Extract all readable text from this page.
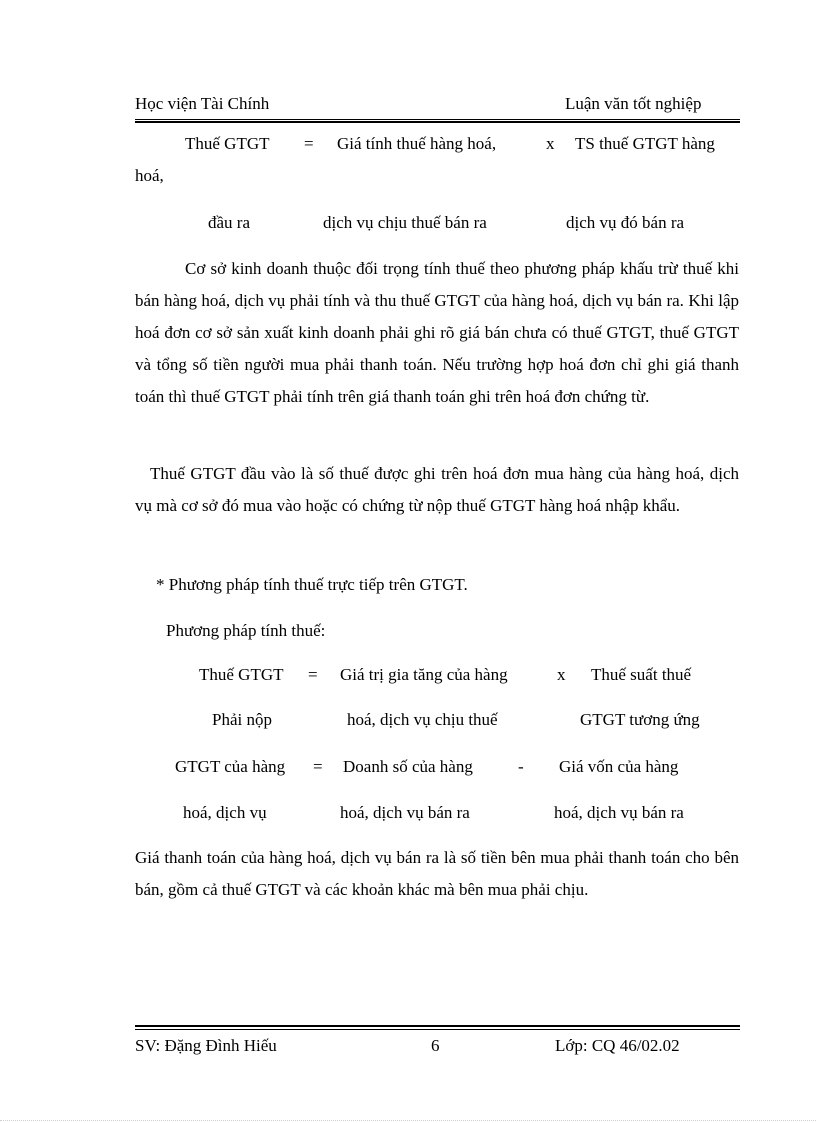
Học viện Tài Chính	Luận văn tốt nghiệp
Thuế GTGT = Giá tính thuế hàng hoá,	x TS thuế GTGT hàng
hoá,
đầu ra	dịch vụ chịu thuế bán ra	dịch vụ đó bán ra
Cơ sở kinh doanh thuộc đối trọng tính thuế theo phương pháp khấu trừ thuế khi bán hàng hoá, dịch vụ phải tính và thu thuế GTGT của hàng hoá, dịch vụ bán ra. Khi lập hoá đơn cơ sở sản xuất kinh doanh phải ghi rõ giá bán chưa có thuế GTGT, thuế GTGT và tổng số tiền người mua phải thanh toán. Nếu trường hợp hoá đơn chỉ ghi giá thanh toán thì thuế GTGT phải tính trên giá thanh toán ghi trên hoá đơn chứng từ.
Thuế GTGT đầu vào là số thuế được ghi trên hoá đơn mua hàng của hàng hoá, dịch vụ mà cơ sở đó mua vào hoặc có chứng từ nộp thuế GTGT hàng hoá nhập khẩu.
* Phương pháp tính thuế trực tiếp trên GTGT.
Phương pháp tính thuế:
Thuế GTGT = Giá trị gia tăng của hàng	x Thuế suất thuế
Phải nộp	hoá, dịch vụ chịu thuế	GTGT tương ứng
GTGT của hàng = Doanh số của hàng	- Giá vốn của hàng
hoá, dịch vụ	hoá, dịch vụ bán ra	hoá, dịch vụ bán ra
Giá thanh toán của hàng hoá, dịch vụ bán ra là số tiền bên mua phải thanh toán cho bên bán, gồm cả thuế GTGT và các khoản khác mà bên mua phải chịu.
SV: Đặng Đình Hiếu	6	Lớp: CQ 46/02.02
